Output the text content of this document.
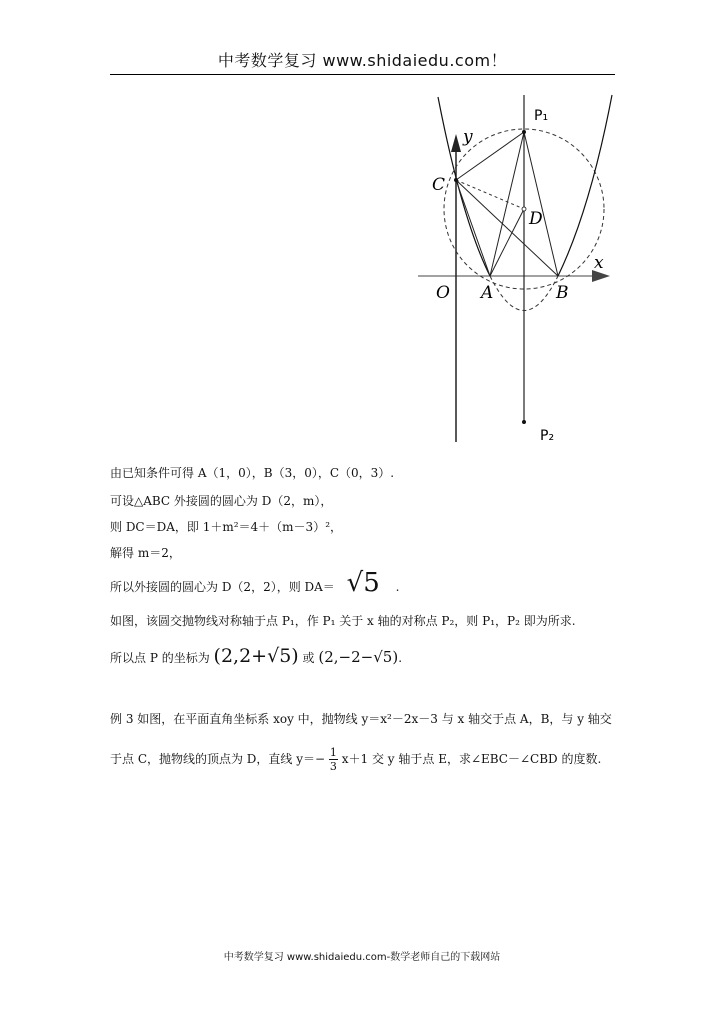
中考数学复习 www.shidaiedu.com！
P₁
P₂
y
x
C
D
O A	B
由已知条件可得 A（1，0），B（3，0），C（0，3）.
可设△ABC 外接圆的圆心为 D（2，m），
则 DC＝DA，即 1＋m²＝4＋（m－3）²，
解得 m＝2，
所以外接圆的圆心为 D（2，2），则 DA＝ √5 .
如图，该圆交抛物线对称轴于点 P₁，作 P₁ 关于 x 轴的对称点 P₂，则 P₁，P₂ 即为所求.
所以点 P 的坐标为 (2,2+√5) 或 (2,−2−√5).
例 3 如图，在平面直角坐标系 xoy 中，抛物线 y＝x²－2x－3 与 x 轴交于点 A，B，与 y 轴交
于点 C，抛物线的顶点为 D，直线 $y=- \frac{1}{3} x+1$ 交 y 轴于点 E，求∠EBC－∠CBD 的度数.
中考数学复习 www.shidaiedu.com-数学老师自己的下载网站
